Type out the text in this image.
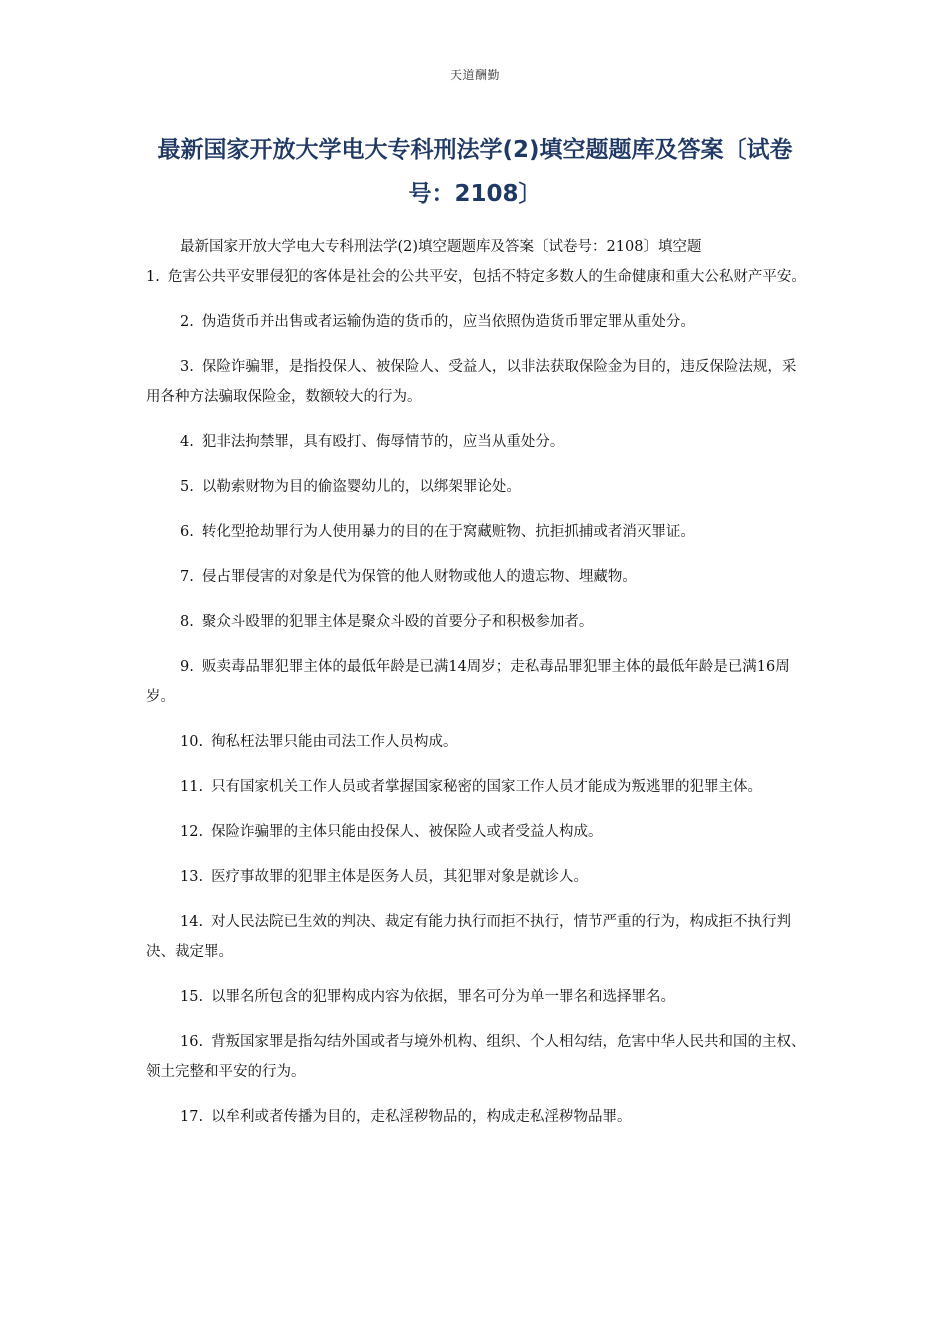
天道酬勤
最新国家开放大学电大专科刑法学(2)填空题题库及答案〔试卷号：2108〕

最新国家开放大学电大专科刑法学(2)填空题题库及答案〔试卷号：2108〕填空题

1. 危害公共平安罪侵犯的客体是社会的公共平安，包括不特定多数人的生命健康和重大公私财产平安。

2. 伪造货币并出售或者运输伪造的货币的，应当依照伪造货币罪定罪从重处分。

3. 保险诈骗罪，是指投保人、被保险人、受益人，以非法获取保险金为目的，违反保险法规，采用各种方法骗取保险金，数额较大的行为。

4. 犯非法拘禁罪，具有殴打、侮辱情节的，应当从重处分。

5. 以勒索财物为目的偷盗婴幼儿的，以绑架罪论处。

6. 转化型抢劫罪行为人使用暴力的目的在于窝藏赃物、抗拒抓捕或者消灭罪证。

7. 侵占罪侵害的对象是代为保管的他人财物或他人的遗忘物、埋藏物。

8. 聚众斗殴罪的犯罪主体是聚众斗殴的首要分子和积极参加者。

9. 贩卖毒品罪犯罪主体的最低年龄是已满14周岁；走私毒品罪犯罪主体的最低年龄是已满16周岁。

10. 徇私枉法罪只能由司法工作人员构成。

11. 只有国家机关工作人员或者掌握国家秘密的国家工作人员才能成为叛逃罪的犯罪主体。

12. 保险诈骗罪的主体只能由投保人、被保险人或者受益人构成。

13. 医疗事故罪的犯罪主体是医务人员，其犯罪对象是就诊人。

14. 对人民法院已生效的判决、裁定有能力执行而拒不执行，情节严重的行为，构成拒不执行判决、裁定罪。

15. 以罪名所包含的犯罪构成内容为依据，罪名可分为单一罪名和选择罪名。

16. 背叛国家罪是指勾结外国或者与境外机构、组织、个人相勾结，危害中华人民共和国的主权、领土完整和平安的行为。

17. 以牟利或者传播为目的，走私淫秽物品的，构成走私淫秽物品罪。
